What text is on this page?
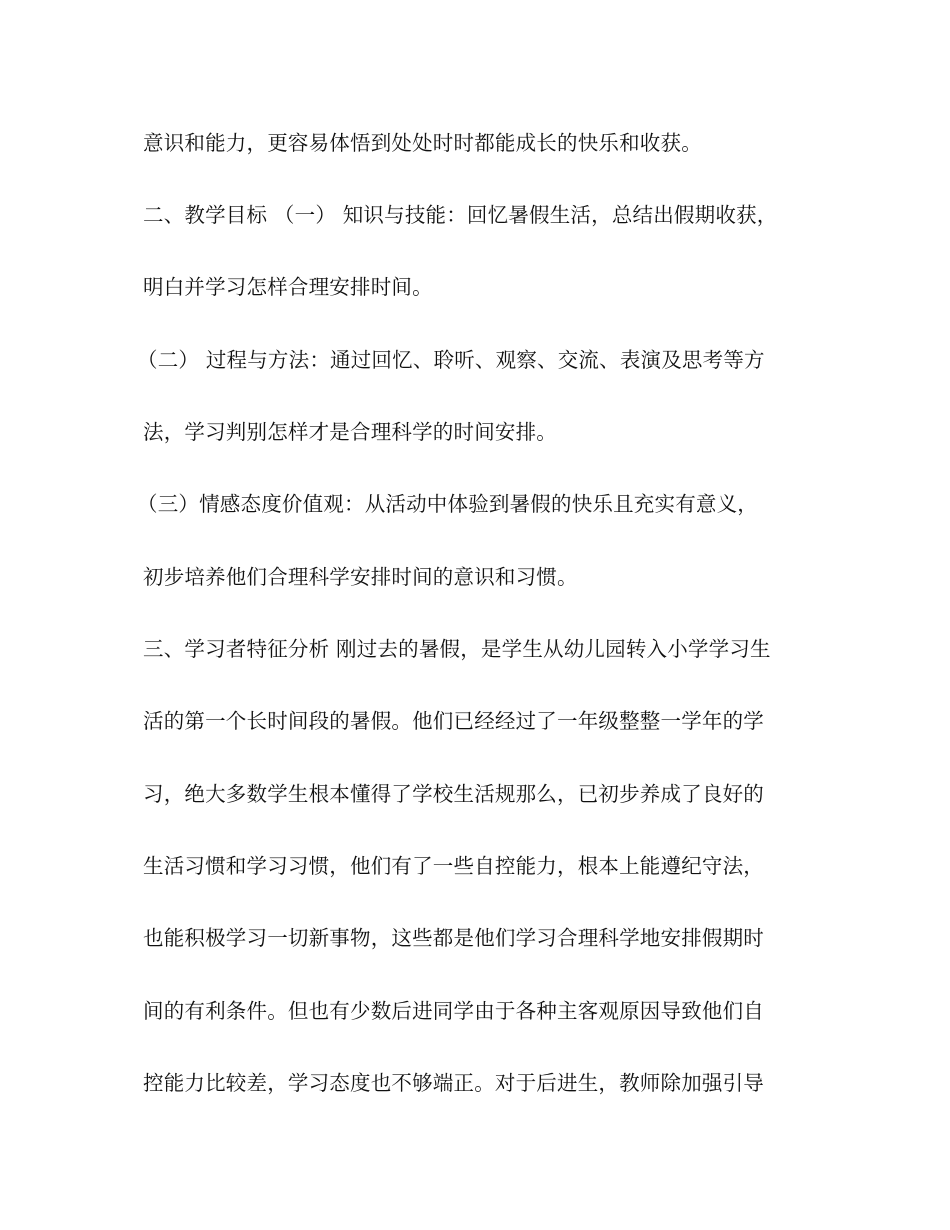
意识和能力，更容易体悟到处处时时都能成长的快乐和收获。
二、教学目标 （一） 知识与技能：回忆暑假生活，总结出假期收获，
明白并学习怎样合理安排时间。
（二） 过程与方法：通过回忆、聆听、观察、交流、表演及思考等方
法，学习判别怎样才是合理科学的时间安排。
（三）情感态度价值观：从活动中体验到暑假的快乐且充实有意义，
初步培养他们合理科学安排时间的意识和习惯。
三、学习者特征分析 刚过去的暑假，是学生从幼儿园转入小学学习生
活的第一个长时间段的暑假。他们已经经过了一年级整整一学年的学
习，绝大多数学生根本懂得了学校生活规那么，已初步养成了良好的
生活习惯和学习习惯，他们有了一些自控能力，根本上能遵纪守法，
也能积极学习一切新事物，这些都是他们学习合理科学地安排假期时
间的有利条件。但也有少数后进同学由于各种主客观原因导致他们自
控能力比较差，学习态度也不够端正。对于后进生，教师除加强引导
